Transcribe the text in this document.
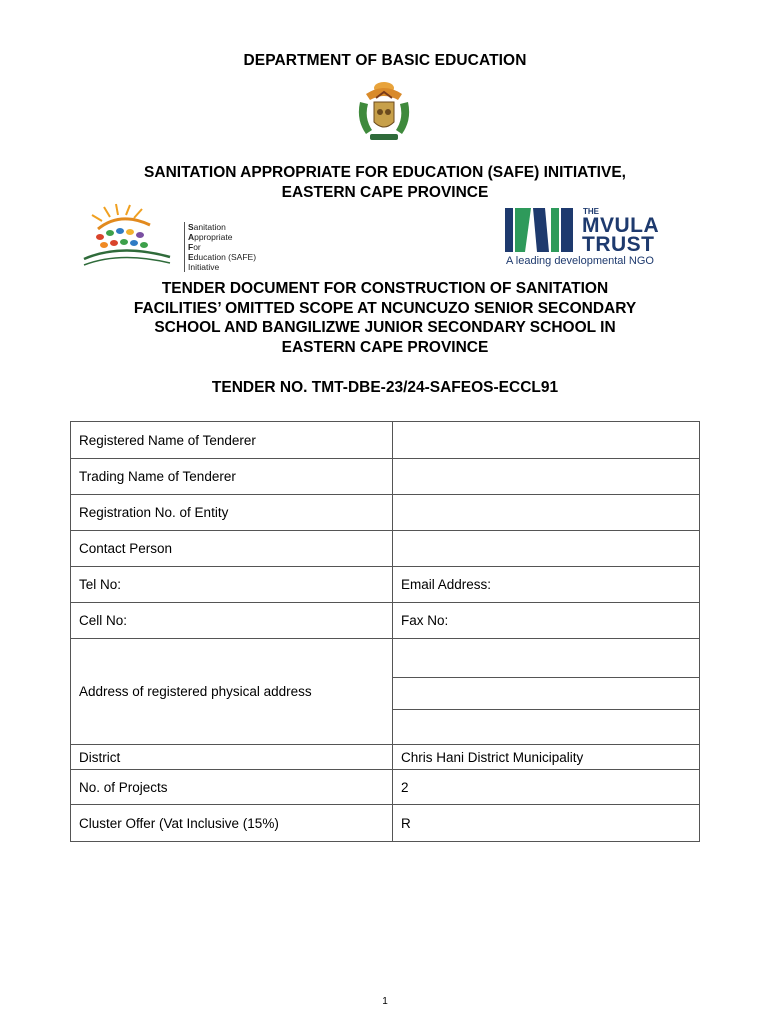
DEPARTMENT OF BASIC EDUCATION
SANITATION APPROPRIATE FOR EDUCATION (SAFE) INITIATIVE,
EASTERN CAPE PROVINCE
Sanitation
Appropriate
For
Education (SAFE)
Initiative
THE
MVULA
TRUST
A leading developmental NGO
TENDER DOCUMENT FOR CONSTRUCTION OF SANITATION
FACILITIES’ OMITTED SCOPE AT NCUNCUZO SENIOR SECONDARY
SCHOOL AND BANGILIZWE JUNIOR SECONDARY SCHOOL IN
EASTERN CAPE PROVINCE
TENDER NO. TMT-DBE-23/24-SAFEOS-ECCL91
Registered Name of Tenderer	
Trading Name of Tenderer	
Registration No. of Entity	
Contact Person	
Tel No:	Email Address:
Cell No:	Fax No:
Address of registered physical address	

District	Chris Hani District Municipality
No. of Projects	2
Cluster Offer (Vat Inclusive (15%)	R
1
